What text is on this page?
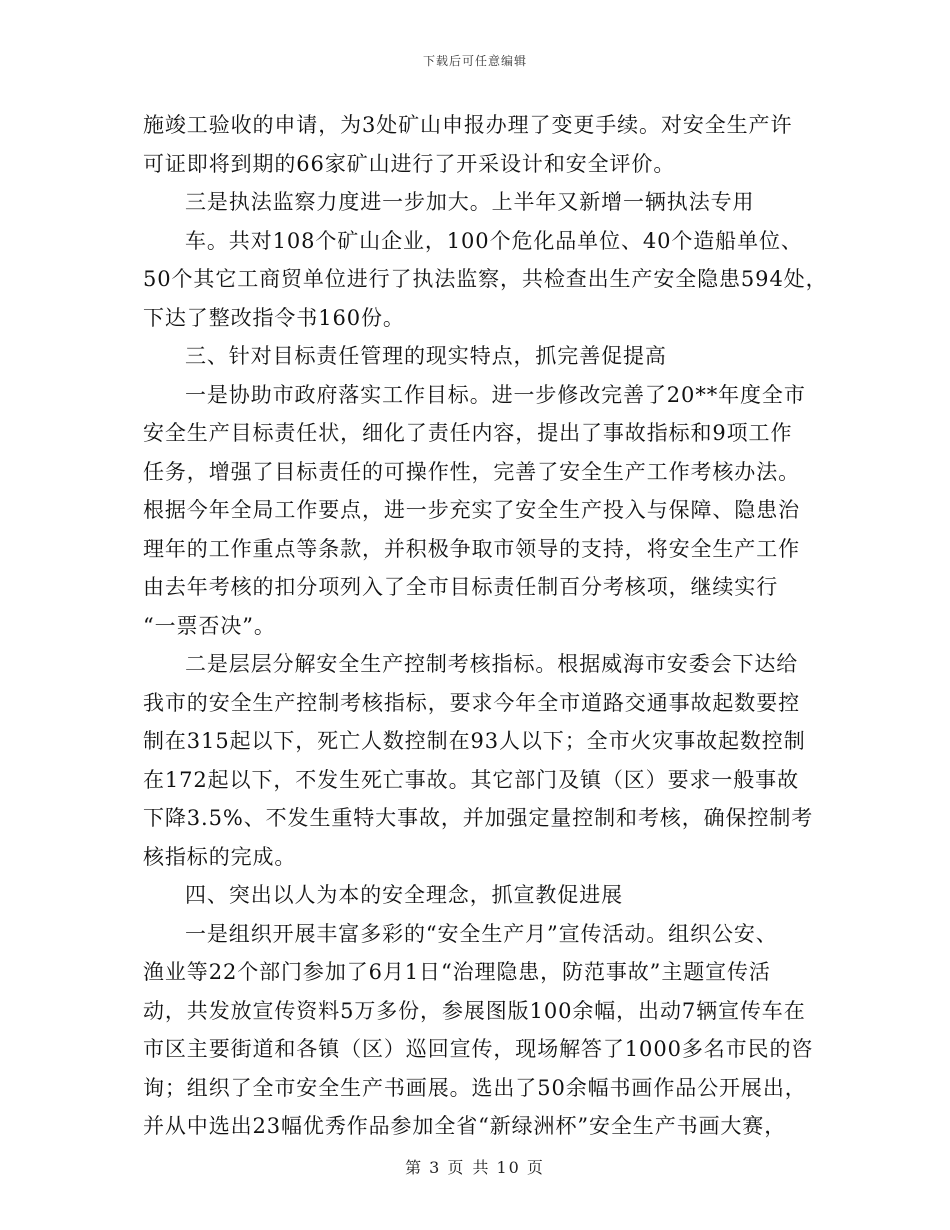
下载后可任意编辑
施竣工验收的申请，为3处矿山申报办理了变更手续。对安全生产许
可证即将到期的66家矿山进行了开采设计和安全评价。
三是执法监察力度进一步加大。上半年又新增一辆执法专用
车。共对108个矿山企业，100个危化品单位、40个造船单位、
50个其它工商贸单位进行了执法监察，共检查出生产安全隐患594处，
下达了整改指令书160份。
三、针对目标责任管理的现实特点，抓完善促提高
一是协助市政府落实工作目标。进一步修改完善了20**年度全市
安全生产目标责任状，细化了责任内容，提出了事故指标和9项工作
任务，增强了目标责任的可操作性，完善了安全生产工作考核办法。
根据今年全局工作要点，进一步充实了安全生产投入与保障、隐患治
理年的工作重点等条款，并积极争取市领导的支持，将安全生产工作
由去年考核的扣分项列入了全市目标责任制百分考核项，继续实行
“一票否决”。
二是层层分解安全生产控制考核指标。根据威海市安委会下达给
我市的安全生产控制考核指标，要求今年全市道路交通事故起数要控
制在315起以下，死亡人数控制在93人以下；全市火灾事故起数控制
在172起以下，不发生死亡事故。其它部门及镇（区）要求一般事故
下降3.5%、不发生重特大事故，并加强定量控制和考核，确保控制考
核指标的完成。
四、突出以人为本的安全理念，抓宣教促进展
一是组织开展丰富多彩的“安全生产月”宣传活动。组织公安、
渔业等22个部门参加了6月1日“治理隐患，防范事故”主题宣传活
动，共发放宣传资料5万多份，参展图版100余幅，出动7辆宣传车在
市区主要街道和各镇（区）巡回宣传，现场解答了1000多名市民的咨
询；组织了全市安全生产书画展。选出了50余幅书画作品公开展出，
并从中选出23幅优秀作品参加全省“新绿洲杯”安全生产书画大赛，
第 3 页 共 10 页
